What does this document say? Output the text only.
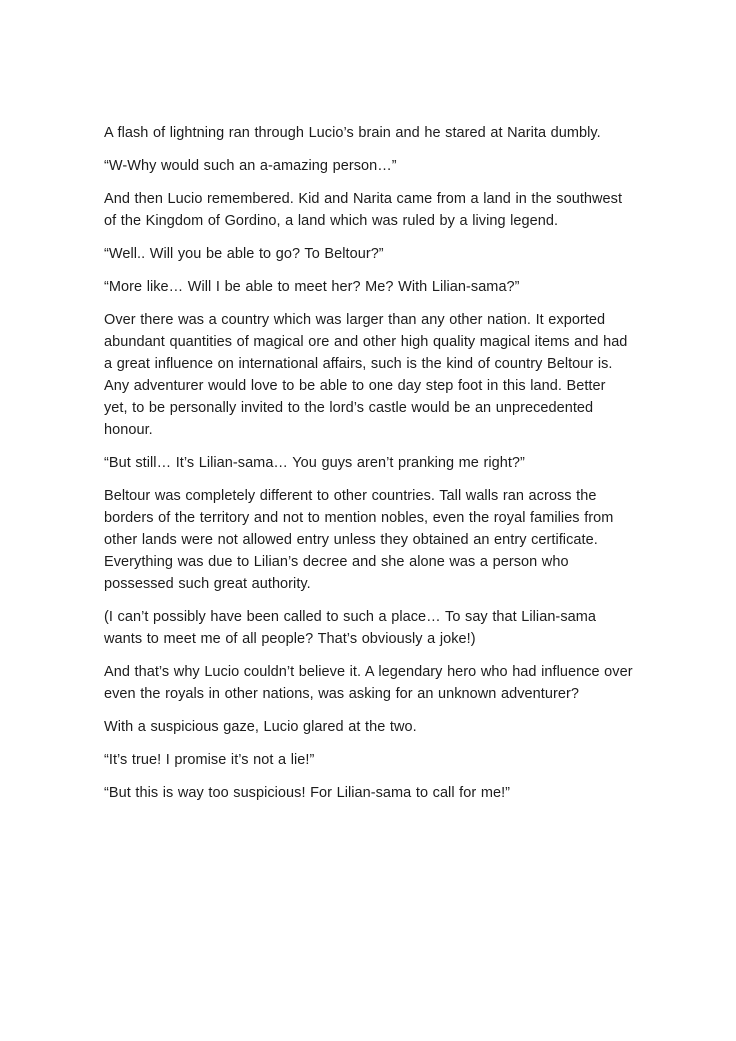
A flash of lightning ran through Lucio’s brain and he stared at Narita dumbly.

“W-Why would such an a-amazing person…”

And then Lucio remembered. Kid and Narita came from a land in the southwest of the Kingdom of Gordino, a land which was ruled by a living legend.

“Well.. Will you be able to go? To Beltour?”

“More like… Will I be able to meet her? Me? With Lilian-sama?”

Over there was a country which was larger than any other nation. It exported abundant quantities of magical ore and other high quality magical items and had a great influence on international affairs, such is the kind of country Beltour is. Any adventurer would love to be able to one day step foot in this land. Better yet, to be personally invited to the lord’s castle would be an unprecedented honour.

“But still… It’s Lilian-sama… You guys aren’t pranking me right?”

Beltour was completely different to other countries. Tall walls ran across the borders of the territory and not to mention nobles, even the royal families from other lands were not allowed entry unless they obtained an entry certificate. Everything was due to Lilian’s decree and she alone was a person who possessed such great authority.

(I can’t possibly have been called to such a place… To say that Lilian-sama wants to meet me of all people? That’s obviously a joke!)

And that’s why Lucio couldn’t believe it. A legendary hero who had influence over even the royals in other nations, was asking for an unknown adventurer?

With a suspicious gaze, Lucio glared at the two.

“It’s true! I promise it’s not a lie!”

“But this is way too suspicious! For Lilian-sama to call for me!”
